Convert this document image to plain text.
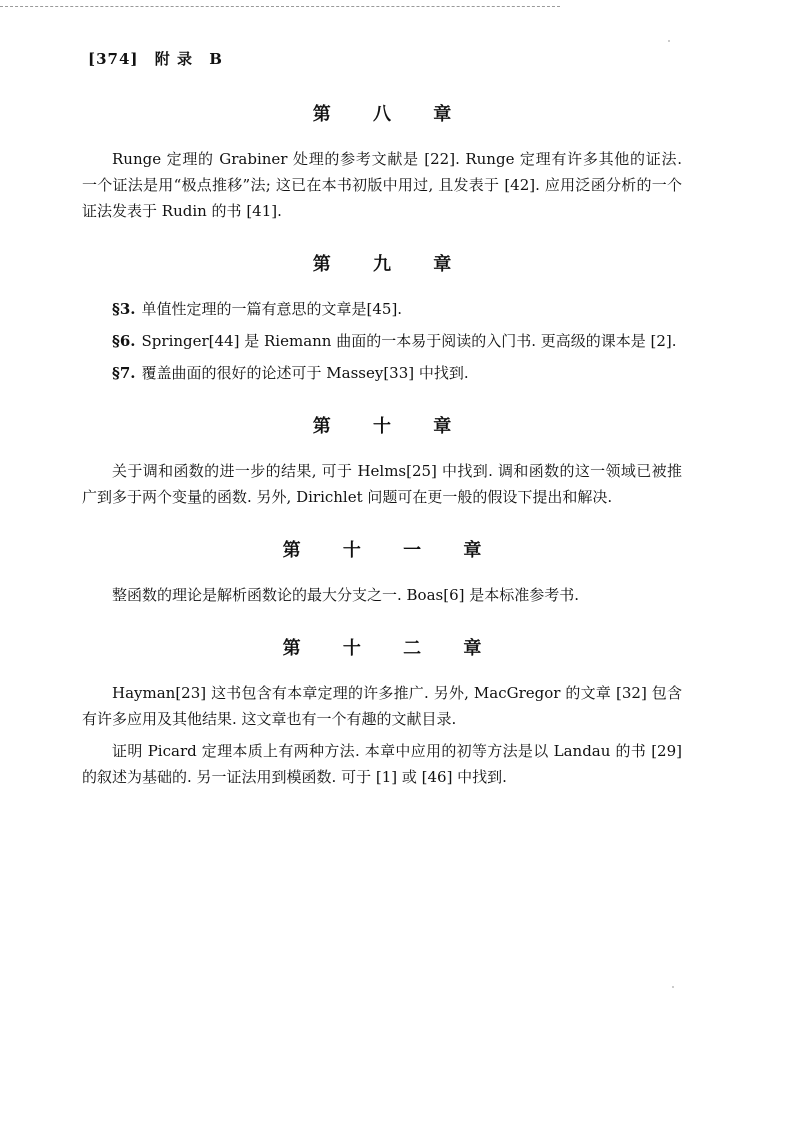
[374] 附 录 B
第 八 章

Runge 定理的 Grabiner 处理的参考文献是 [22]. Runge 定理有许多其他的证法. 一个证法是用“极点推移”法; 这已在本书初版中用过, 且发表于 [42]. 应用泛函分析的一个证法发表于 Rudin 的书 [41].

第 九 章

§3. 单值性定理的一篇有意思的文章是[45].

§6. Springer[44] 是 Riemann 曲面的一本易于阅读的入门书. 更高级的课本是 [2].

§7. 覆盖曲面的很好的论述可于 Massey[33] 中找到.

第 十 章

关于调和函数的进一步的结果, 可于 Helms[25] 中找到. 调和函数的这一领域已被推广到多于两个变量的函数. 另外, Dirichlet 问题可在更一般的假设下提出和解决.

第 十 一 章

整函数的理论是解析函数论的最大分支之一. Boas[6] 是本标准参考书.

第 十 二 章

Hayman[23] 这书包含有本章定理的许多推广. 另外, MacGregor 的文章 [32] 包含有许多应用及其他结果. 这文章也有一个有趣的文献目录.

证明 Picard 定理本质上有两种方法. 本章中应用的初等方法是以 Landau 的书 [29] 的叙述为基础的. 另一证法用到模函数. 可于 [1] 或 [46] 中找到.
